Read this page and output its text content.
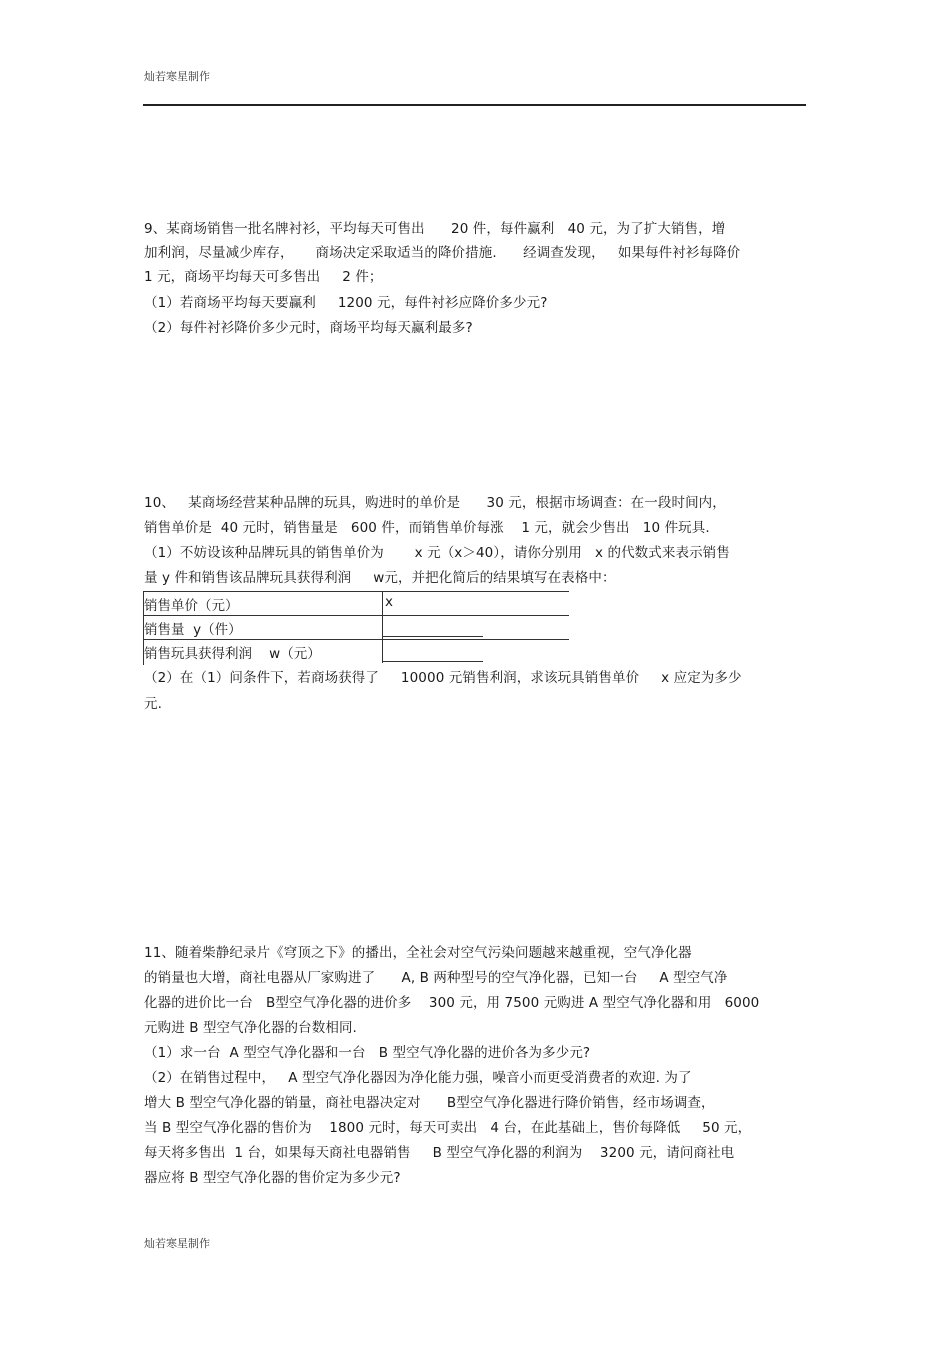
灿若寒星制作
9、某商场销售一批名牌衬衫，平均每天可售出      20 件，每件赢利   40 元，为了扩大销售，增
加利润，尽量减少库存，     商场决定采取适当的降价措施.      经调查发现，   如果每件衬衫每降价
1 元，商场平均每天可多售出     2 件；
（1）若商场平均每天要赢利     1200 元，每件衬衫应降价多少元?
（2）每件衬衫降价多少元时，商场平均每天赢利最多?
10、   某商场经营某种品牌的玩具，购进时的单价是      30 元，根据市场调查：在一段时间内，
销售单价是  40 元时，销售量是   600 件，而销售单价每涨    1 元，就会少售出   10 件玩具.
（1）不妨设该种品牌玩具的销售单价为       x 元（x＞40），请你分别用   x 的代数式来表示销售
量 y 件和销售该品牌玩具获得利润     w元，并把化简后的结果填写在表格中：
销售单价（元）	x
销售量  y（件）
销售玩具获得利润    w（元）
（2）在（1）问条件下，若商场获得了     10000 元销售利润，求该玩具销售单价     x 应定为多少
元.
11、随着柴静纪录片《穹顶之下》的播出，全社会对空气污染问题越来越重视，空气净化器
的销量也大增，商社电器从厂家购进了      A, B 两种型号的空气净化器，已知一台     A 型空气净
化器的进价比一台   B型空气净化器的进价多    300 元，用 7500 元购进 A 型空气净化器和用   6000
元购进 B 型空气净化器的台数相同.
（1）求一台  A 型空气净化器和一台   B 型空气净化器的进价各为多少元?
（2）在销售过程中，   A 型空气净化器因为净化能力强，噪音小而更受消费者的欢迎. 为了
增大 B 型空气净化器的销量，商社电器决定对      B型空气净化器进行降价销售，经市场调查，
当 B 型空气净化器的售价为    1800 元时，每天可卖出   4 台，在此基础上，售价每降低     50 元，
每天将多售出  1 台，如果每天商社电器销售     B 型空气净化器的利润为    3200 元，请问商社电
器应将 B 型空气净化器的售价定为多少元?
灿若寒星制作
